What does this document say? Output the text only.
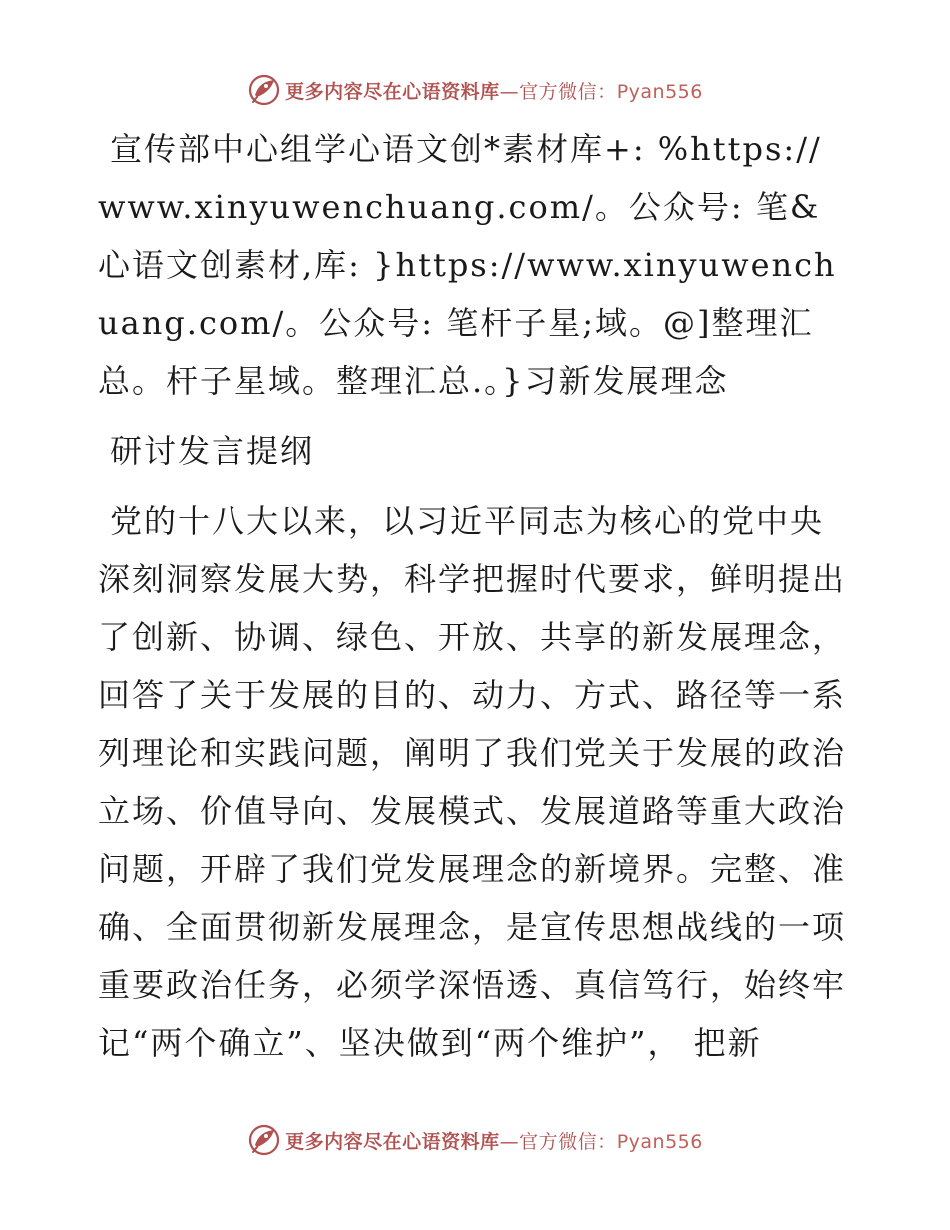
更多内容尽在心语资料库—官方微信：Pyan556

宣传部中心组学心语文创*素材库+: %https://www.xinyuwenchuang.com/。公众号: 笔&心语文创素材,库: }https://www.xinyuwenchuang.com/。公众号: 笔杆子星;域。@]整理汇总。杆子星域。整理汇总.。}习新发展理念

研讨发言提纲

党的十八大以来，以习近平同志为核心的党中央深刻洞察发展大势，科学把握时代要求，鲜明提出了创新、协调、绿色、开放、共享的新发展理念，回答了关于发展的目的、动力、方式、路径等一系列理论和实践问题，阐明了我们党关于发展的政治立场、价值导向、发展模式、发展道路等重大政治问题，开辟了我们党发展理念的新境界。完整、准确、全面贯彻新发展理念，是宣传思想战线的一项重要政治任务，必须学深悟透、真信笃行，始终牢记“两个确立”、坚决做到“两个维护”， 把新

更多内容尽在心语资料库—官方微信：Pyan556
